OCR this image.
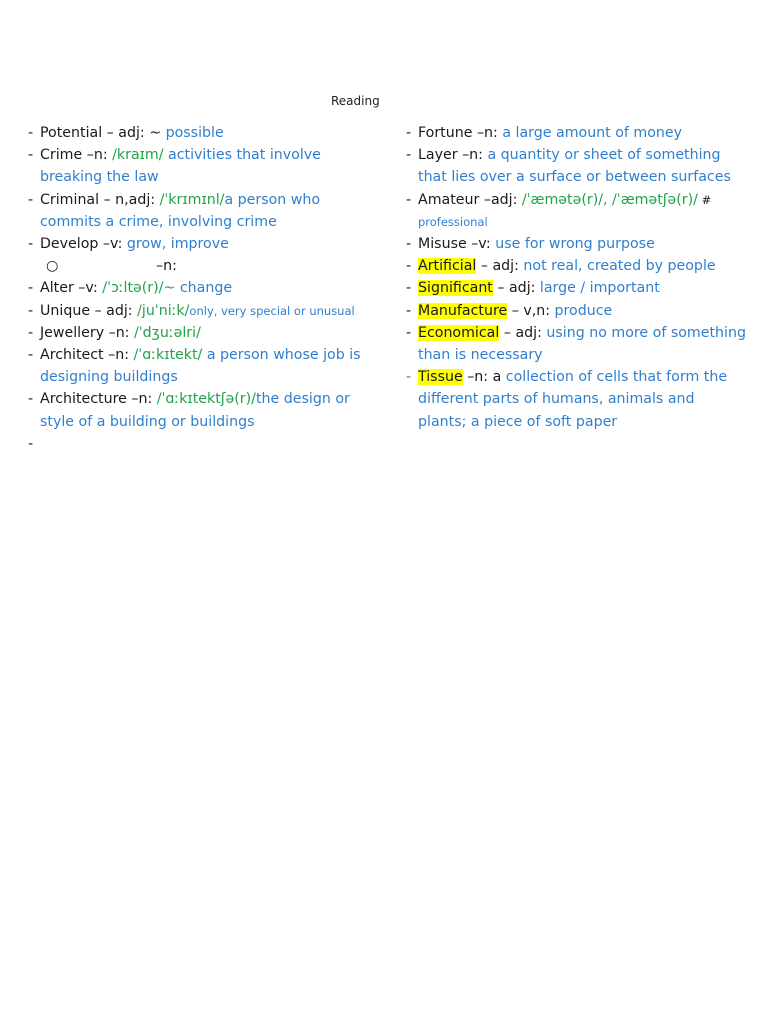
Reading
- Potential – adj: ~ possible
- Crime –n: /kraɪm/ activities that involve breaking the law
- Criminal – n,adj: /ˈkrɪmɪnl/a person who commits a crime, involving crime
- Develop –v: grow, improve
○	–n:
- Alter –v: /ˈɔːltə(r)/~ change
- Unique – adj: /juˈniːk/only, very special or unusual
- Jewellery –n: /ˈdʒuːəlri/
- Architect –n: /ˈɑːkɪtekt/ a person whose job is designing buildings
- Architecture –n: /ˈɑːkɪtektʃə(r)/the design or style of a building or buildings
-
- Fortune –n: a large amount of money
- Layer –n: a quantity or sheet of something that lies over a surface or between surfaces
- Amateur –adj: /ˈæmətə(r)/, /ˈæmətʃə(r)/ # professional
- Misuse –v: use for wrong purpose
- Artificial – adj: not real, created by people
- Significant – adj: large / important
- Manufacture – v,n: produce
- Economical – adj: using no more of something than is necessary
- Tissue –n: a collection of cells that form the different parts of humans, animals and plants; a piece of soft paper
